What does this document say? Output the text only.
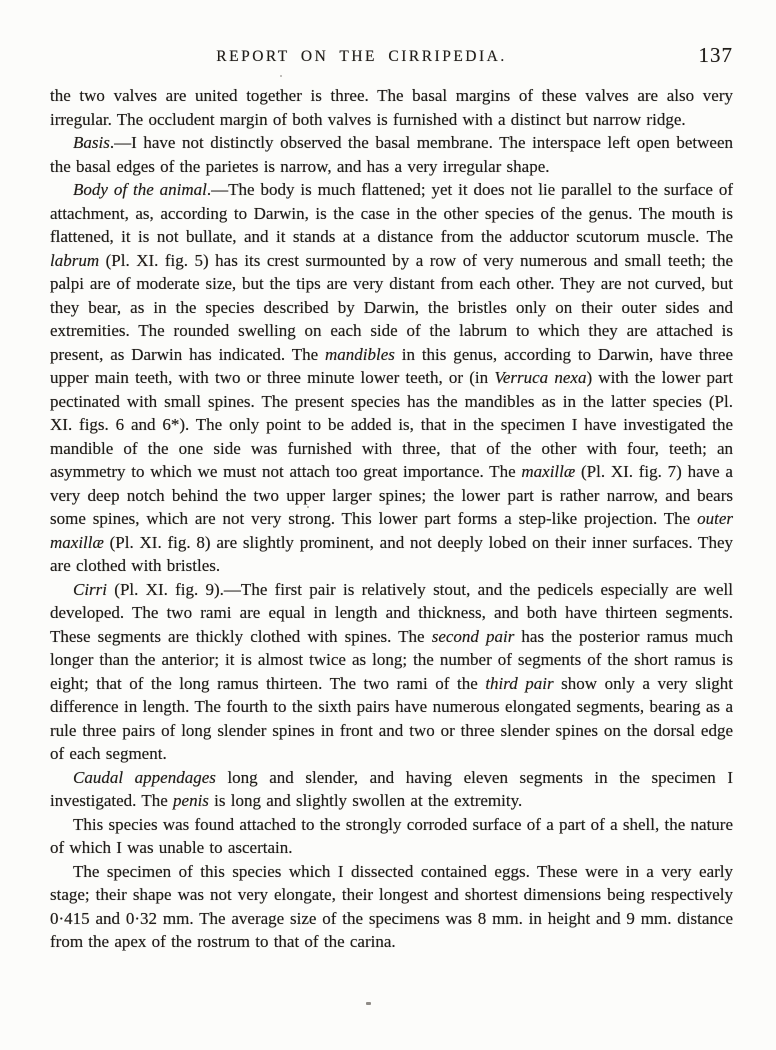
REPORT ON THE CIRRIPEDIA.	137

the two valves are united together is three. The basal margins of these valves are also very irregular. The occludent margin of both valves is furnished with a distinct but narrow ridge.

Basis.—I have not distinctly observed the basal membrane. The interspace left open between the basal edges of the parietes is narrow, and has a very irregular shape.

Body of the animal.—The body is much flattened; yet it does not lie parallel to the surface of attachment, as, according to Darwin, is the case in the other species of the genus. The mouth is flattened, it is not bullate, and it stands at a distance from the adductor scutorum muscle. The labrum (Pl. XI. fig. 5) has its crest surmounted by a row of very numerous and small teeth; the palpi are of moderate size, but the tips are very distant from each other. They are not curved, but they bear, as in the species described by Darwin, the bristles only on their outer sides and extremities. The rounded swelling on each side of the labrum to which they are attached is present, as Darwin has indicated. The mandibles in this genus, according to Darwin, have three upper main teeth, with two or three minute lower teeth, or (in Verruca nexa) with the lower part pectinated with small spines. The present species has the mandibles as in the latter species (Pl. XI. figs. 6 and 6*). The only point to be added is, that in the specimen I have investigated the mandible of the one side was furnished with three, that of the other with four, teeth; an asymmetry to which we must not attach too great importance. The maxillæ (Pl. XI. fig. 7) have a very deep notch behind the two upper larger spines; the lower part is rather narrow, and bears some spines, which are not very strong. This lower part forms a step-like projection. The outer maxillæ (Pl. XI. fig. 8) are slightly prominent, and not deeply lobed on their inner surfaces. They are clothed with bristles.

Cirri (Pl. XI. fig. 9).—The first pair is relatively stout, and the pedicels especially are well developed. The two rami are equal in length and thickness, and both have thirteen segments. These segments are thickly clothed with spines. The second pair has the posterior ramus much longer than the anterior; it is almost twice as long; the number of segments of the short ramus is eight; that of the long ramus thirteen. The two rami of the third pair show only a very slight difference in length. The fourth to the sixth pairs have numerous elongated segments, bearing as a rule three pairs of long slender spines in front and two or three slender spines on the dorsal edge of each segment.

Caudal appendages long and slender, and having eleven segments in the specimen I investigated. The penis is long and slightly swollen at the extremity.

This species was found attached to the strongly corroded surface of a part of a shell, the nature of which I was unable to ascertain.

The specimen of this species which I dissected contained eggs. These were in a very early stage; their shape was not very elongate, their longest and shortest dimensions being respectively 0·415 and 0·32 mm. The average size of the specimens was 8 mm. in height and 9 mm. distance from the apex of the rostrum to that of the carina.
